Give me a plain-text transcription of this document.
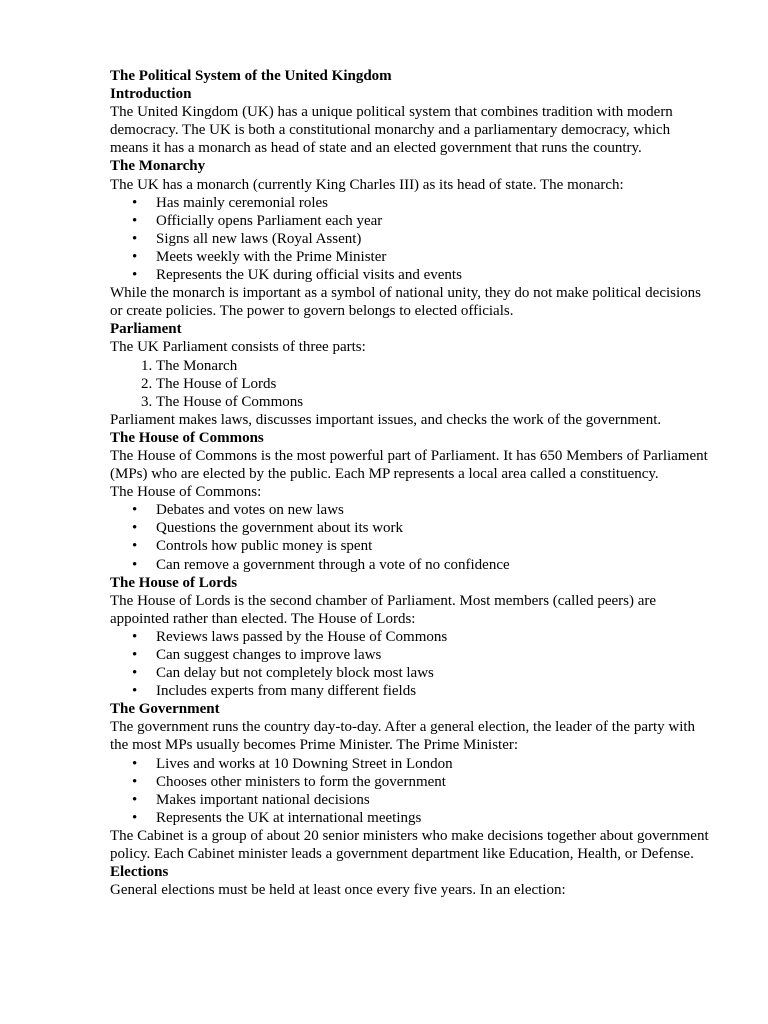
The Political System of the United Kingdom

Introduction

The United Kingdom (UK) has a unique political system that combines tradition with modern democracy. The UK is both a constitutional monarchy and a parliamentary democracy, which means it has a monarch as head of state and an elected government that runs the country.

The Monarchy

The UK has a monarch (currently King Charles III) as its head of state. The monarch:

• Has mainly ceremonial roles
• Officially opens Parliament each year
• Signs all new laws (Royal Assent)
• Meets weekly with the Prime Minister
• Represents the UK during official visits and events

While the monarch is important as a symbol of national unity, they do not make political decisions or create policies. The power to govern belongs to elected officials.

Parliament

The UK Parliament consists of three parts:

1. The Monarch
2. The House of Lords
3. The House of Commons

Parliament makes laws, discusses important issues, and checks the work of the government.

The House of Commons

The House of Commons is the most powerful part of Parliament. It has 650 Members of Parliament (MPs) who are elected by the public. Each MP represents a local area called a constituency.

The House of Commons:

• Debates and votes on new laws
• Questions the government about its work
• Controls how public money is spent
• Can remove a government through a vote of no confidence

The House of Lords

The House of Lords is the second chamber of Parliament. Most members (called peers) are appointed rather than elected. The House of Lords:

• Reviews laws passed by the House of Commons
• Can suggest changes to improve laws
• Can delay but not completely block most laws
• Includes experts from many different fields

The Government

The government runs the country day-to-day. After a general election, the leader of the party with the most MPs usually becomes Prime Minister. The Prime Minister:

• Lives and works at 10 Downing Street in London
• Chooses other ministers to form the government
• Makes important national decisions
• Represents the UK at international meetings

The Cabinet is a group of about 20 senior ministers who make decisions together about government policy. Each Cabinet minister leads a government department like Education, Health, or Defense.

Elections

General elections must be held at least once every five years. In an election:
